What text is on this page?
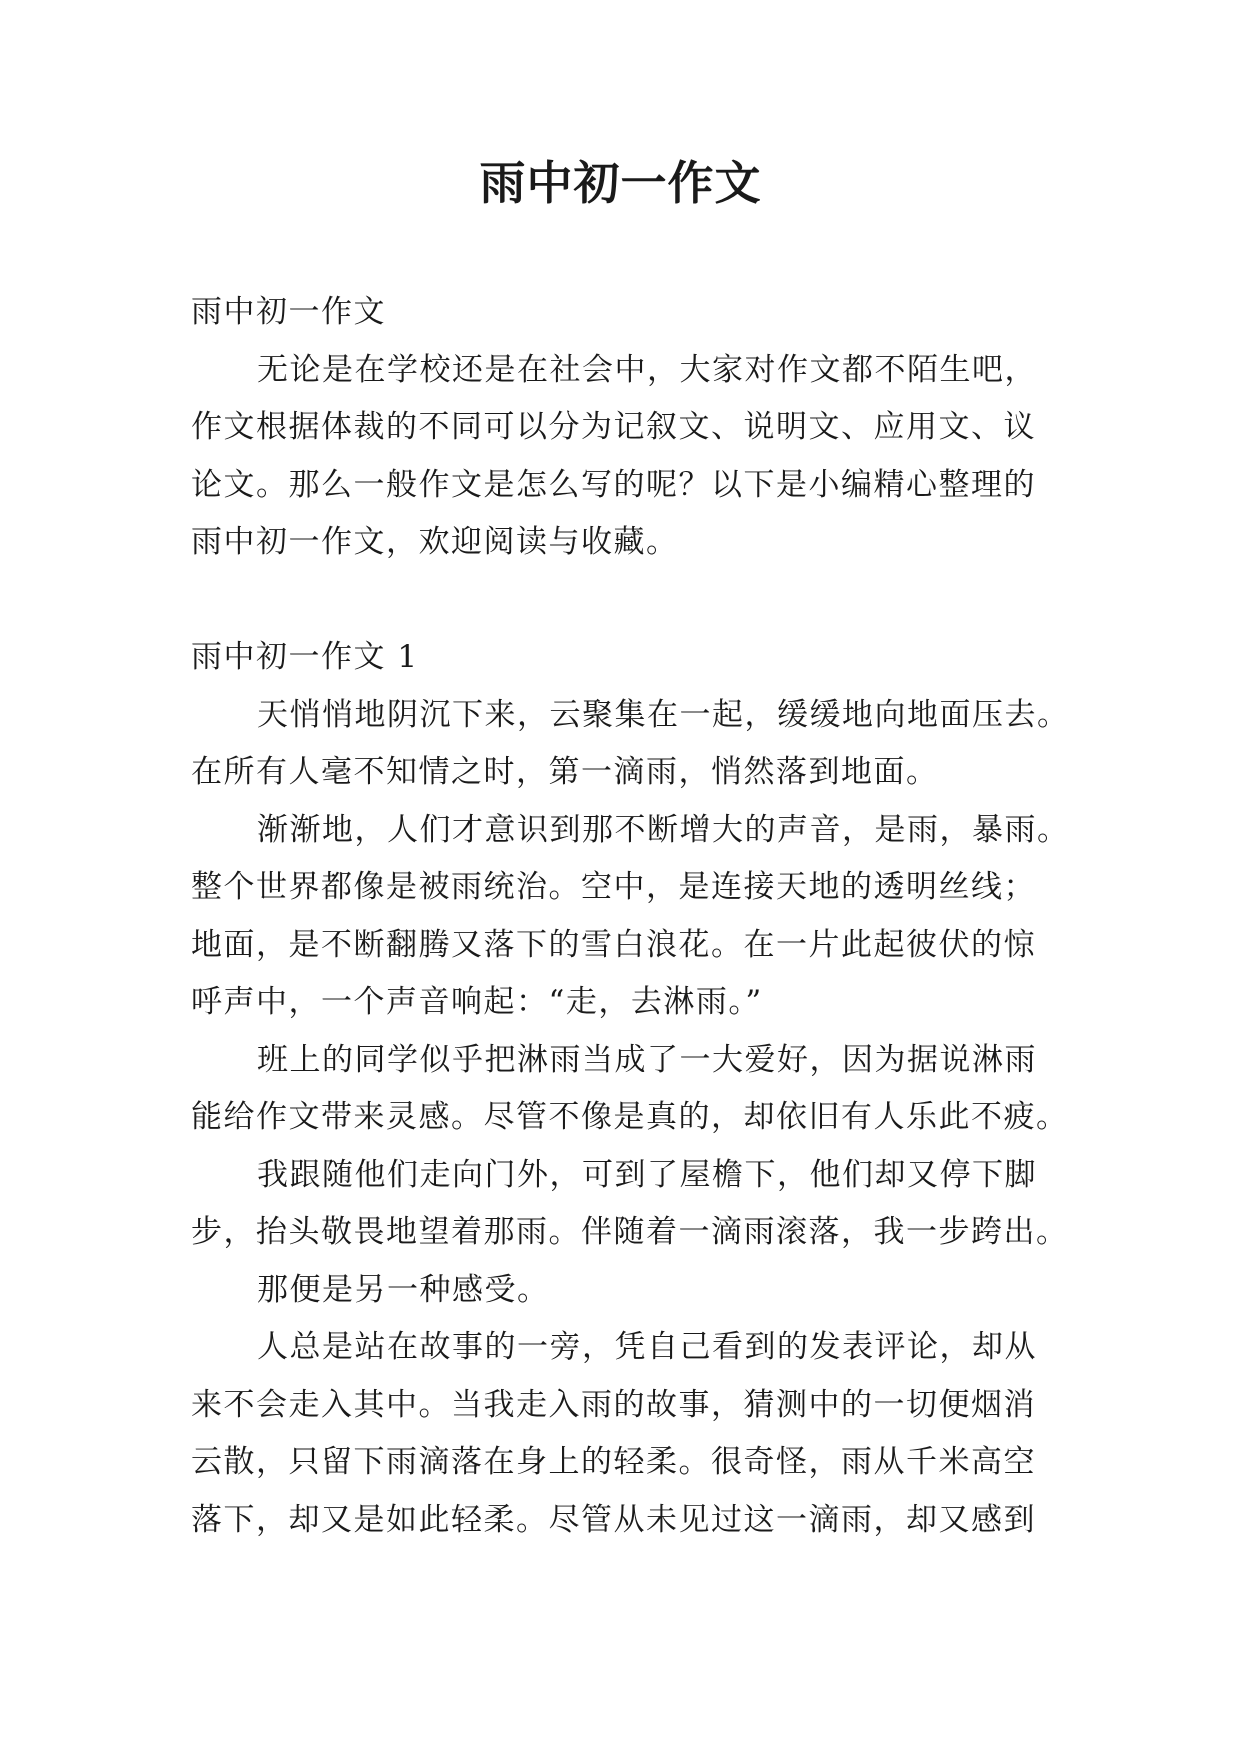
雨中初一作文
雨中初一作文
无论是在学校还是在社会中，大家对作文都不陌生吧，
作文根据体裁的不同可以分为记叙文、说明文、应用文、议
论文。那么一般作文是怎么写的呢？以下是小编精心整理的
雨中初一作文，欢迎阅读与收藏。
雨中初一作文 1
天悄悄地阴沉下来，云聚集在一起，缓缓地向地面压去。
在所有人毫不知情之时，第一滴雨，悄然落到地面。
渐渐地，人们才意识到那不断增大的声音，是雨，暴雨。
整个世界都像是被雨统治。空中，是连接天地的透明丝线；
地面，是不断翻腾又落下的雪白浪花。在一片此起彼伏的惊
呼声中，一个声音响起：“走，去淋雨。”
班上的同学似乎把淋雨当成了一大爱好，因为据说淋雨
能给作文带来灵感。尽管不像是真的，却依旧有人乐此不疲。
我跟随他们走向门外，可到了屋檐下，他们却又停下脚
步，抬头敬畏地望着那雨。伴随着一滴雨滚落，我一步跨出。
那便是另一种感受。
人总是站在故事的一旁，凭自己看到的发表评论，却从
来不会走入其中。当我走入雨的故事，猜测中的一切便烟消
云散，只留下雨滴落在身上的轻柔。很奇怪，雨从千米高空
落下，却又是如此轻柔。尽管从未见过这一滴雨，却又感到
